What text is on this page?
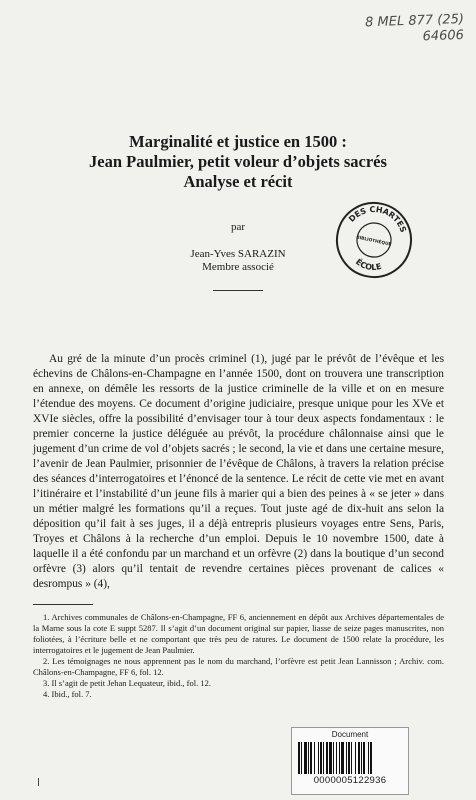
8 MEL 877 (25)
64606
Marginalité et justice en 1500 :
Jean Paulmier, petit voleur d’objets sacrés
Analyse et récit
par
Jean-Yves SARAZIN
Membre associé
DES CHARTES
ÉCOLE
BIBLIOTHÈQUE

Au gré de la minute d’un procès criminel (1), jugé par le prévôt de l’évêque et les échevins de Châlons-en-Champagne en l’année 1500, dont on trouvera une transcription en annexe, on démêle les ressorts de la justice criminelle de la ville et on en mesure l’étendue des moyens. Ce document d’origine judiciaire, presque unique pour les XVe et XVIe siècles, offre la possibilité d’envisager tour à tour deux aspects fondamentaux : le premier concerne la justice déléguée au prévôt, la procédure châlonnaise ainsi que le jugement d’un crime de vol d’objets sacrés ; le second, la vie et dans une certaine mesure, l’avenir de Jean Paulmier, prisonnier de l’évêque de Châlons, à travers la relation précise des séances d’interrogatoires et l’énoncé de la sentence. Le récit de cette vie met en avant l’itinéraire et l’instabilité d’un jeune fils à marier qui a bien des peines à « se jeter » dans un métier malgré les formations qu’il a reçues. Tout juste agé de dix-huit ans selon la déposition qu’il fait à ses juges, il a déjà entrepris plusieurs voyages entre Sens, Paris, Troyes et Châlons à la recherche d’un emploi. Depuis le 10 novembre 1500, date à laquelle il a été confondu par un marchand et un orfèvre (2) dans la boutique d’un second orfèvre (3) alors qu’il tentait de revendre certaines pièces provenant de calices « desrompus » (4),

1. Archives communales de Châlons-en-Champagne, FF 6, anciennement en dépôt aux Archives départementales de la Marne sous la cote E suppt 5287. Il s’agit d’un document original sur papier, liasse de seize pages manuscrites, non foliotées, à l’écriture belle et ne comportant que très peu de ratures. Le document de 1500 relate la procédure, les interrogatoires et le jugement de Jean Paulmier.

2. Les témoignages ne nous apprennent pas le nom du marchand, l’orfèvre est petit Jean Lannisson ; Archiv. com. Châlons-en-Champagne, FF 6, fol. 12.

3. Il s’agit de petit Jehan Lequateur, ibid., fol. 12.

4. Ibid., fol. 7.

Document
0000005122936
